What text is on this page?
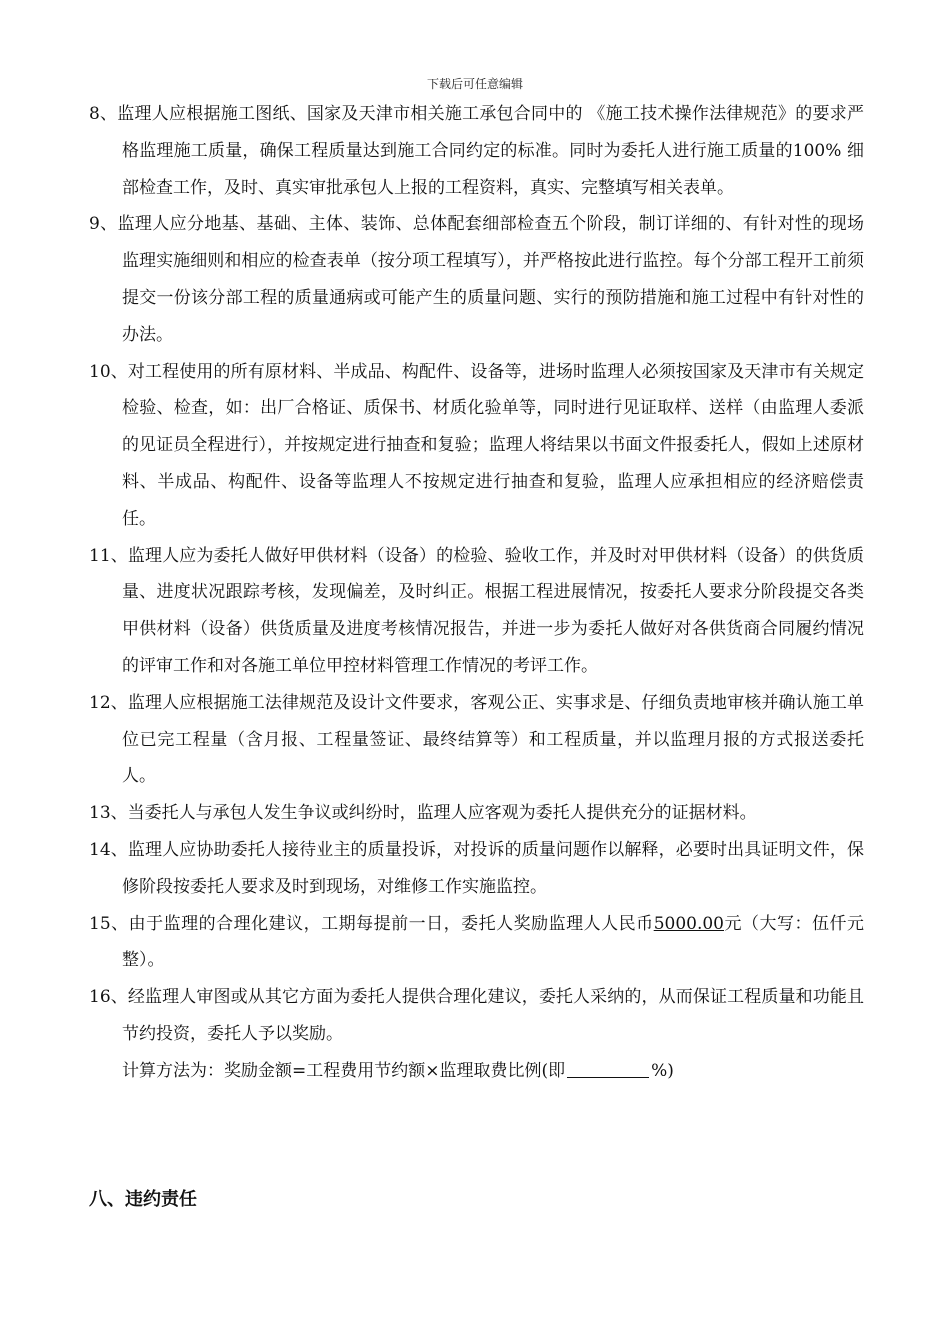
下载后可任意编辑

8、监理人应根据施工图纸、国家及天津市相关施工承包合同中的 《施工技术操作法律规范》的要求严格监理施工质量，确保工程质量达到施工合同约定的标准。同时为委托人进行施工质量的100% 细部检查工作，及时、真实审批承包人上报的工程资料，真实、完整填写相关表单。

9、监理人应分地基、基础、主体、装饰、总体配套细部检查五个阶段，制订详细的、有针对性的现场监理实施细则和相应的检查表单（按分项工程填写），并严格按此进行监控。每个分部工程开工前须提交一份该分部工程的质量通病或可能产生的质量问题、实行的预防措施和施工过程中有针对性的办法。

10、对工程使用的所有原材料、半成品、构配件、设备等，进场时监理人必须按国家及天津市有关规定检验、检查，如：出厂合格证、质保书、材质化验单等，同时进行见证取样、送样（由监理人委派的见证员全程进行），并按规定进行抽查和复验；监理人将结果以书面文件报委托人，假如上述原材料、半成品、构配件、设备等监理人不按规定进行抽查和复验，监理人应承担相应的经济赔偿责任。

11、监理人应为委托人做好甲供材料（设备）的检验、验收工作，并及时对甲供材料（设备）的供货质量、进度状况跟踪考核，发现偏差，及时纠正。根据工程进展情况，按委托人要求分阶段提交各类甲供材料（设备）供货质量及进度考核情况报告，并进一步为委托人做好对各供货商合同履约情况的评审工作和对各施工单位甲控材料管理工作情况的考评工作。

12、监理人应根据施工法律规范及设计文件要求，客观公正、实事求是、仔细负责地审核并确认施工单位已完工程量（含月报、工程量签证、最终结算等）和工程质量，并以监理月报的方式报送委托人。

13、当委托人与承包人发生争议或纠纷时，监理人应客观为委托人提供充分的证据材料。

14、监理人应协助委托人接待业主的质量投诉，对投诉的质量问题作以解释，必要时出具证明文件，保修阶段按委托人要求及时到现场，对维修工作实施监控。

15、由于监理的合理化建议，工期每提前一日，委托人奖励监理人人民币5000.00元（大写：伍仟元整）。

16、经监理人审图或从其它方面为委托人提供合理化建议，委托人采纳的，从而保证工程质量和功能且节约投资，委托人予以奖励。

计算方法为：奖励金额=工程费用节约额×监理取费比例(即	%)

八、违约责任
